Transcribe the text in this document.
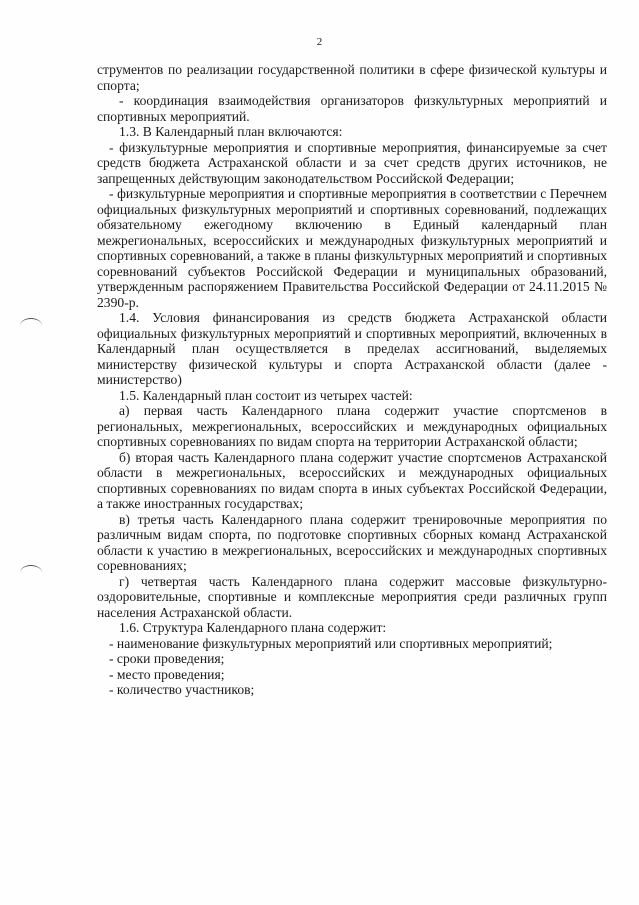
2

струментов по реализации государственной политики в сфере физической культуры и спорта;

- координация взаимодействия организаторов физкультурных мероприятий и спортивных мероприятий.

1.3. В Календарный план включаются:

- физкультурные мероприятия и спортивные мероприятия, финансируемые за счет средств бюджета Астраханской области и за счет средств других источников, не запрещенных действующим законодательством Российской Федерации;

- физкультурные мероприятия и спортивные мероприятия в соответствии с Перечнем официальных физкультурных мероприятий и спортивных соревнований, подлежащих обязательному ежегодному включению в Единый календарный план межрегиональных, всероссийских и международных физкультурных мероприятий и спортивных соревнований, а также в планы физкультурных мероприятий и спортивных соревнований субъектов Российской Федерации и муниципальных образований, утвержденным распоряжением Правительства Российской Федерации от 24.11.2015 № 2390-р.

1.4. Условия финансирования из средств бюджета Астраханской области официальных физкультурных мероприятий и спортивных мероприятий, включенных в Календарный план осуществляется в пределах ассигнований, выделяемых министерству физической культуры и спорта Астраханской области (далее - министерство)

1.5. Календарный план состоит из четырех частей:

а) первая часть Календарного плана содержит участие спортсменов в региональных, межрегиональных, всероссийских и международных официальных спортивных соревнованиях по видам спорта на территории Астраханской области;

б) вторая часть Календарного плана содержит участие спортсменов Астраханской области в межрегиональных, всероссийских и международных официальных спортивных соревнованиях по видам спорта в иных субъектах Российской Федерации, а также иностранных государствах;

в) третья часть Календарного плана содержит тренировочные мероприятия по различным видам спорта, по подготовке спортивных сборных команд Астраханской области к участию в межрегиональных, всероссийских и международных спортивных соревнованиях;

г) четвертая часть Календарного плана содержит массовые физкультурно-оздоровительные, спортивные и комплексные мероприятия среди различных групп населения Астраханской области.

1.6. Структура Календарного плана содержит:

- наименование физкультурных мероприятий или спортивных мероприятий;

- сроки проведения;

- место проведения;

- количество участников;
